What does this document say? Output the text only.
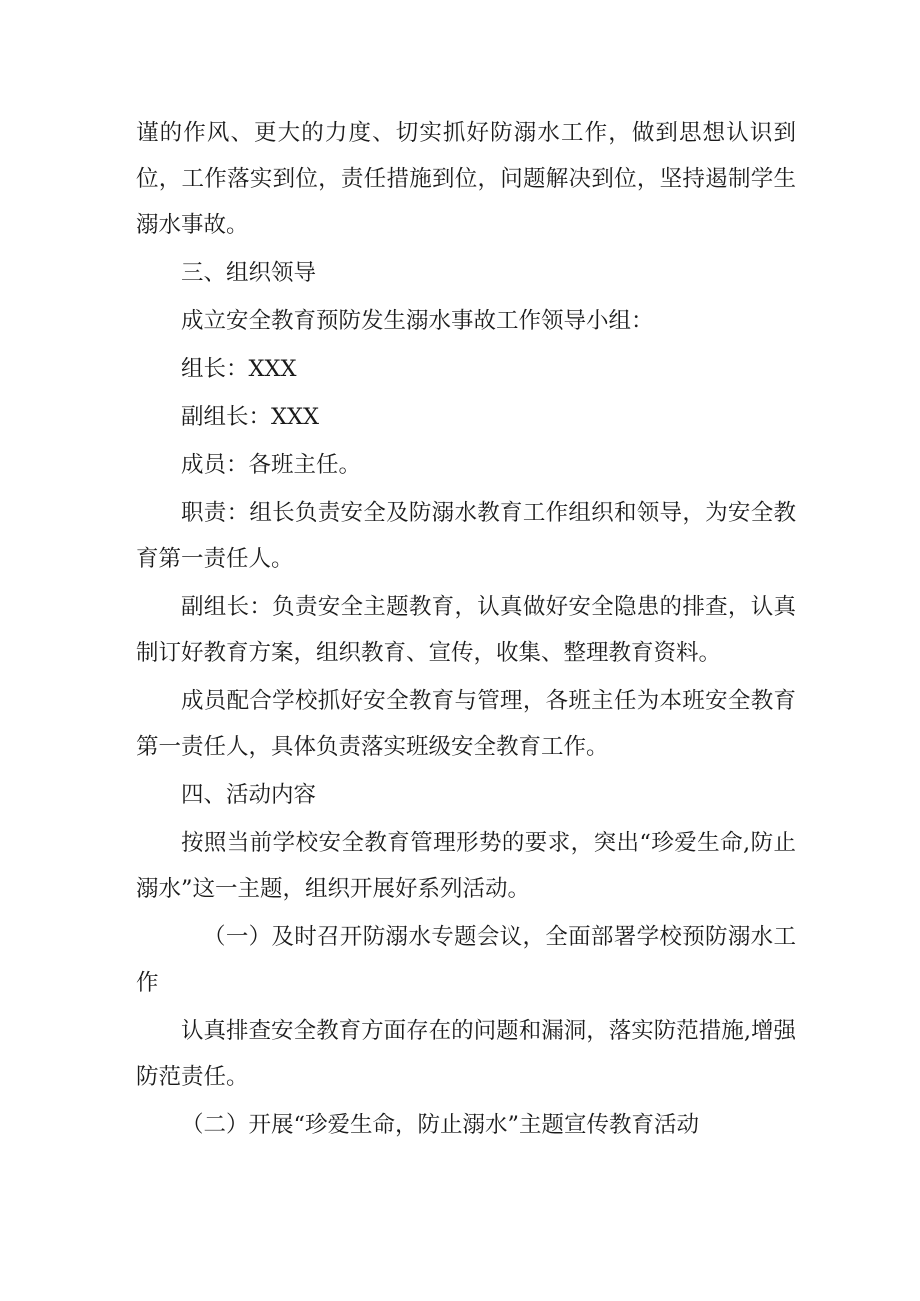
谨的作风、更大的力度、切实抓好防溺水工作，做到思想认识到位，工作落实到位，责任措施到位，问题解决到位，坚持遏制学生溺水事故。

三、组织领导

成立安全教育预防发生溺水事故工作领导小组：

组长：XXX

副组长：XXX

成员：各班主任。

职责：组长负责安全及防溺水教育工作组织和领导，为安全教育第一责任人。

副组长：负责安全主题教育，认真做好安全隐患的排查，认真制订好教育方案，组织教育、宣传，收集、整理教育资料。

成员配合学校抓好安全教育与管理，各班主任为本班安全教育第一责任人，具体负责落实班级安全教育工作。

四、活动内容

按照当前学校安全教育管理形势的要求，突出“珍爱生命,防止溺水”这一主题，组织开展好系列活动。

（一）及时召开防溺水专题会议，全面部署学校预防溺水工作

认真排查安全教育方面存在的问题和漏洞，落实防范措施,增强防范责任。

（二）开展“珍爱生命，防止溺水”主题宣传教育活动
